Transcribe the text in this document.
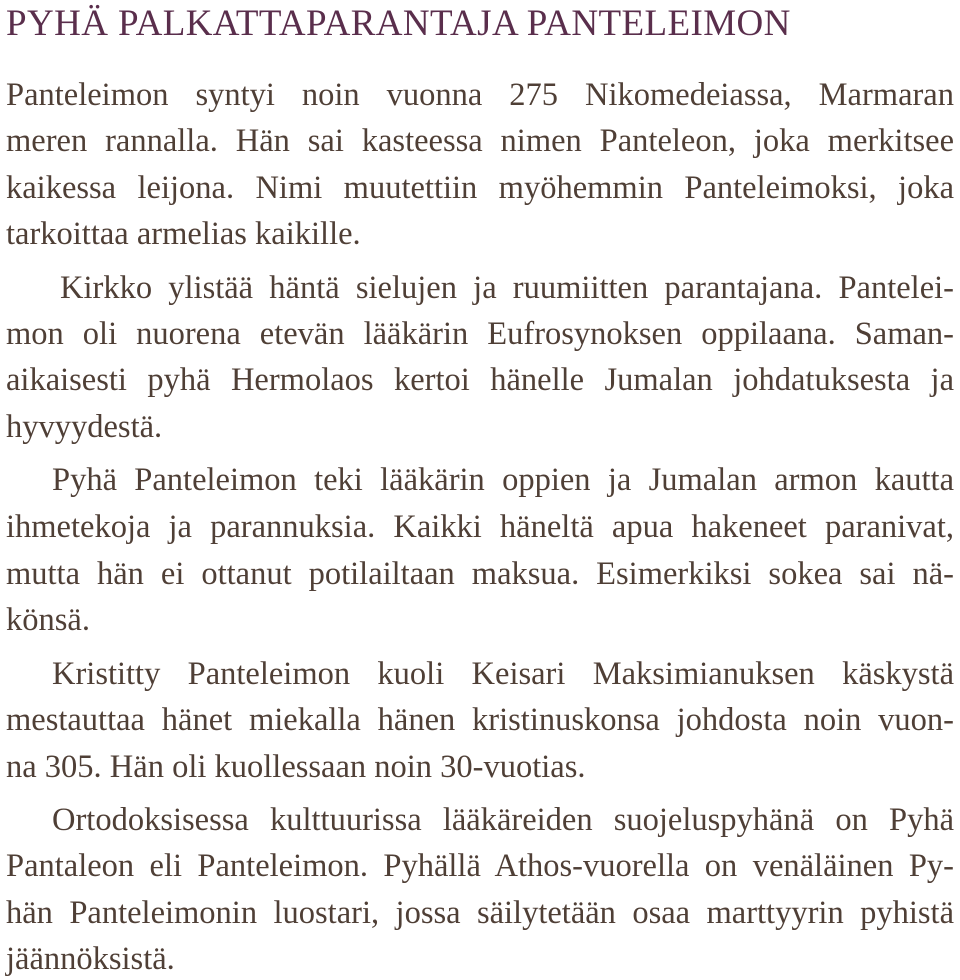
PYHÄ PALKATTAPARANTAJA PANTELEIMON

Panteleimon syntyi noin vuonna 275 Nikomedeiassa, Marmaran

meren rannalla. Hän sai kasteessa nimen Panteleon, joka merkitsee

kaikessa leijona. Nimi muutettiin myöhemmin Panteleimoksi, joka

tarkoittaa armelias kaikille.

Kirkko ylistää häntä sielujen ja ruumiitten parantajana. Pantelei-

mon oli nuorena etevän lääkärin Eufrosynoksen oppilaana. Saman-

aikaisesti pyhä Hermolaos kertoi hänelle Jumalan johdatuksesta ja

hyvyydestä.

Pyhä Panteleimon teki lääkärin oppien ja Jumalan armon kautta

ihmetekoja ja parannuksia. Kaikki häneltä apua hakeneet paranivat,

mutta hän ei ottanut potilailtaan maksua. Esimerkiksi sokea sai nä-

könsä.

Kristitty Panteleimon kuoli Keisari Maksimianuksen käskystä

mestauttaa hänet miekalla hänen kristinuskonsa johdosta noin vuon-

na 305. Hän oli kuollessaan noin 30-vuotias.

Ortodoksisessa kulttuurissa lääkäreiden suojeluspyhänä on Pyhä

Pantaleon eli Panteleimon. Pyhällä Athos-vuorella on venäläinen Py-

hän Panteleimonin luostari, jossa säilytetään osaa marttyyrin pyhistä

jäännöksistä.
